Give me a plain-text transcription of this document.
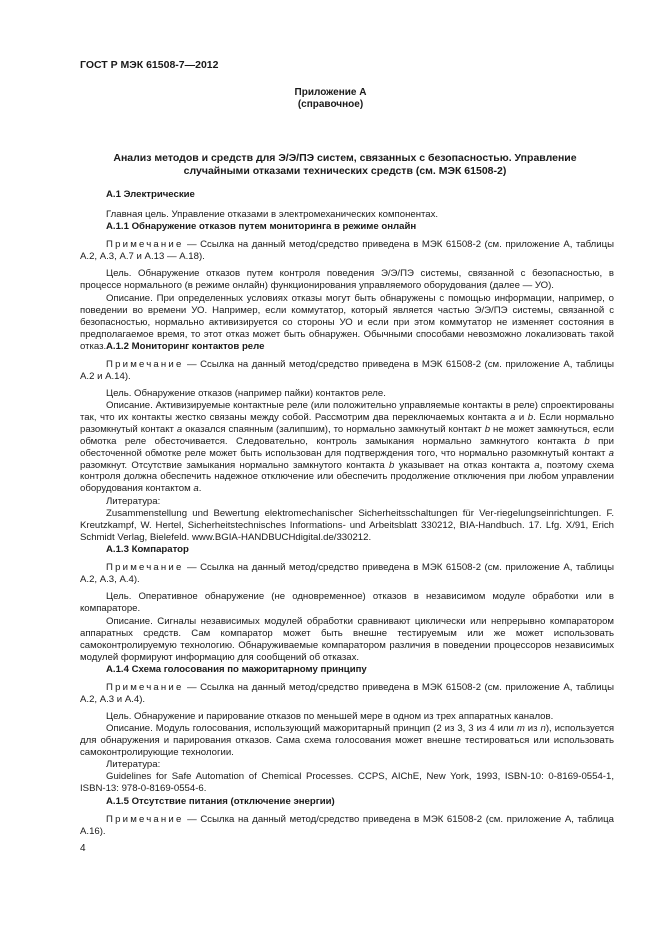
ГОСТ Р МЭК 61508-7—2012
Приложение А
(справочное)
Анализ методов и средств для Э/Э/ПЭ систем, связанных с безопасностью. Управление
случайными отказами технических средств (см. МЭК 61508-2)
А.1 Электрические

Главная цель. Управление отказами в электромеханических компонентах.

А.1.1 Обнаружение отказов путем мониторинга в режиме онлайн

Примечание — Ссылка на данный метод/средство приведена в МЭК 61508-2 (см. приложение А, таблицы А.2, А.3, А.7 и А.13 — А.18).

Цель. Обнаружение отказов путем контроля поведения Э/Э/ПЭ системы, связанной с безопасностью, в процессе нормального (в режиме онлайн) функционирования управляемого оборудования (далее — УО).

Описание. При определенных условиях отказы могут быть обнаружены с помощью информации, например, о поведении во времени УО. Например, если коммутатор, который является частью Э/Э/ПЭ системы, связанной с безопасностью, нормально активизируется со стороны УО и если при этом коммутатор не изменяет состояния в предполагаемое время, то этот отказ может быть обнаружен. Обычными способами невозможно локализовать такой отказ. А.1.2 Мониторинг контактов реле

Примечание — Ссылка на данный метод/средство приведена в МЭК 61508-2 (см. приложение А, таблицы А.2 и А.14).

Цель. Обнаружение отказов (например пайки) контактов реле.

Описание. Активизируемые контактные реле (или положительно управляемые контакты в реле) спроектированы так, что их контакты жестко связаны между собой. Рассмотрим два переключаемых контакта a и b. Если нормально разомкнутый контакт a оказался спаянным (залипшим), то нормально замкнутый контакт b не может замкнуться, если обмотка реле обесточивается. Следовательно, контроль замыкания нормально замкнутого контакта b при обесточенной обмотке реле может быть использован для подтверждения того, что нормально разомкнутый контакт a разомкнут. Отсутствие замыкания нормально замкнутого контакта b указывает на отказ контакта a, поэтому схема контроля должна обеспечить надежное отключение или обеспечить продолжение отключения при любом управлении оборудования контактом a.

Литература:

Zusammenstellung und Bewertung elektromechanischer Sicherheitsschaltungen für Ver-riegelungseinrichtungen. F. Kreutzkampf, W. Hertel, Sicherheitstechnisches Informations- und Arbeitsblatt 330212, BIA-Handbuch. 17. Lfg. X/91, Erich Schmidt Verlag, Bielefeld. www.BGIA-HANDBUCHdigital.de/330212.

А.1.3 Компаратор

Примечание — Ссылка на данный метод/средство приведена в МЭК 61508-2 (см. приложение А, таблицы А.2, А.3, А.4).

Цель. Оперативное обнаружение (не одновременное) отказов в независимом модуле обработки или в компараторе.

Описание. Сигналы независимых модулей обработки сравнивают циклически или непрерывно компаратором аппаратных средств. Сам компаратор может быть внешне тестируемым или же может использовать самоконтролируемую технологию. Обнаруживаемые компаратором различия в поведении процессоров независимых модулей формируют информацию для сообщений об отказах.

А.1.4 Схема голосования по мажоритарному принципу

Примечание — Ссылка на данный метод/средство приведена в МЭК 61508-2 (см. приложение А, таблицы А.2, А.3 и А.4).

Цель. Обнаружение и парирование отказов по меньшей мере в одном из трех аппаратных каналов.

Описание. Модуль голосования, использующий мажоритарный принцип (2 из 3, 3 из 4 или m из n), используется для обнаружения и парирования отказов. Сама схема голосования может внешне тестироваться или использовать самоконтролирующие технологии.

Литература:

Guidelines for Safe Automation of Chemical Processes. CCPS, AIChE, New York, 1993, ISBN-10: 0-8169-0554-1, ISBN-13: 978-0-8169-0554-6.

А.1.5 Отсутствие питания (отключение энергии)

Примечание — Ссылка на данный метод/средство приведена в МЭК 61508-2 (см. приложение А, таблица А.16).

4
